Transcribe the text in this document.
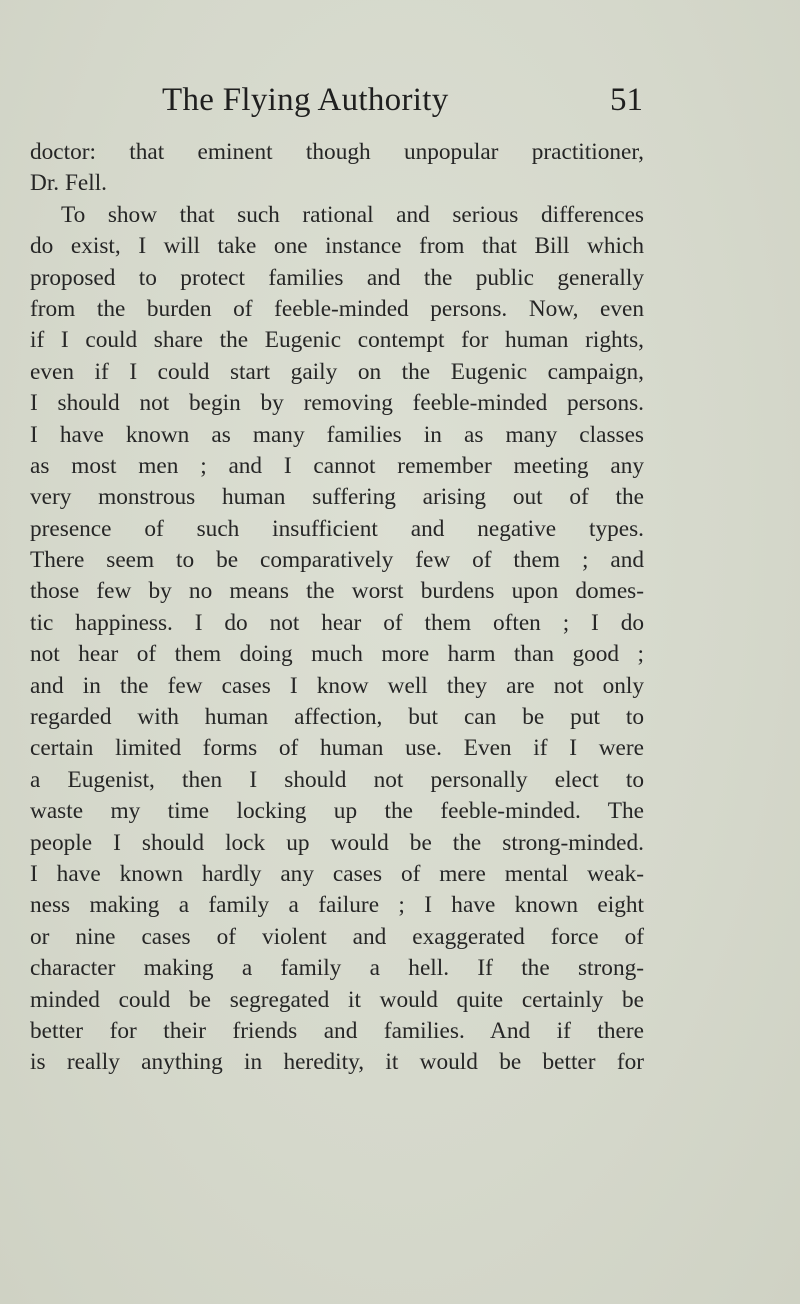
The Flying Authority	51
doctor: that eminent though unpopular practitioner,
Dr. Fell.
To show that such rational and serious differences
do exist, I will take one instance from that Bill which
proposed to protect families and the public generally
from the burden of feeble-minded persons. Now, even
if I could share the Eugenic contempt for human rights,
even if I could start gaily on the Eugenic campaign,
I should not begin by removing feeble-minded persons.
I have known as many families in as many classes
as most men ; and I cannot remember meeting any
very monstrous human suffering arising out of the
presence of such insufficient and negative types.
There seem to be comparatively few of them ; and
those few by no means the worst burdens upon domes-
tic happiness. I do not hear of them often ; I do
not hear of them doing much more harm than good ;
and in the few cases I know well they are not only
regarded with human affection, but can be put to
certain limited forms of human use. Even if I were
a Eugenist, then I should not personally elect to
waste my time locking up the feeble-minded. The
people I should lock up would be the strong-minded.
I have known hardly any cases of mere mental weak-
ness making a family a failure ; I have known eight
or nine cases of violent and exaggerated force of
character making a family a hell. If the strong-
minded could be segregated it would quite certainly be
better for their friends and families. And if there
is really anything in heredity, it would be better for
